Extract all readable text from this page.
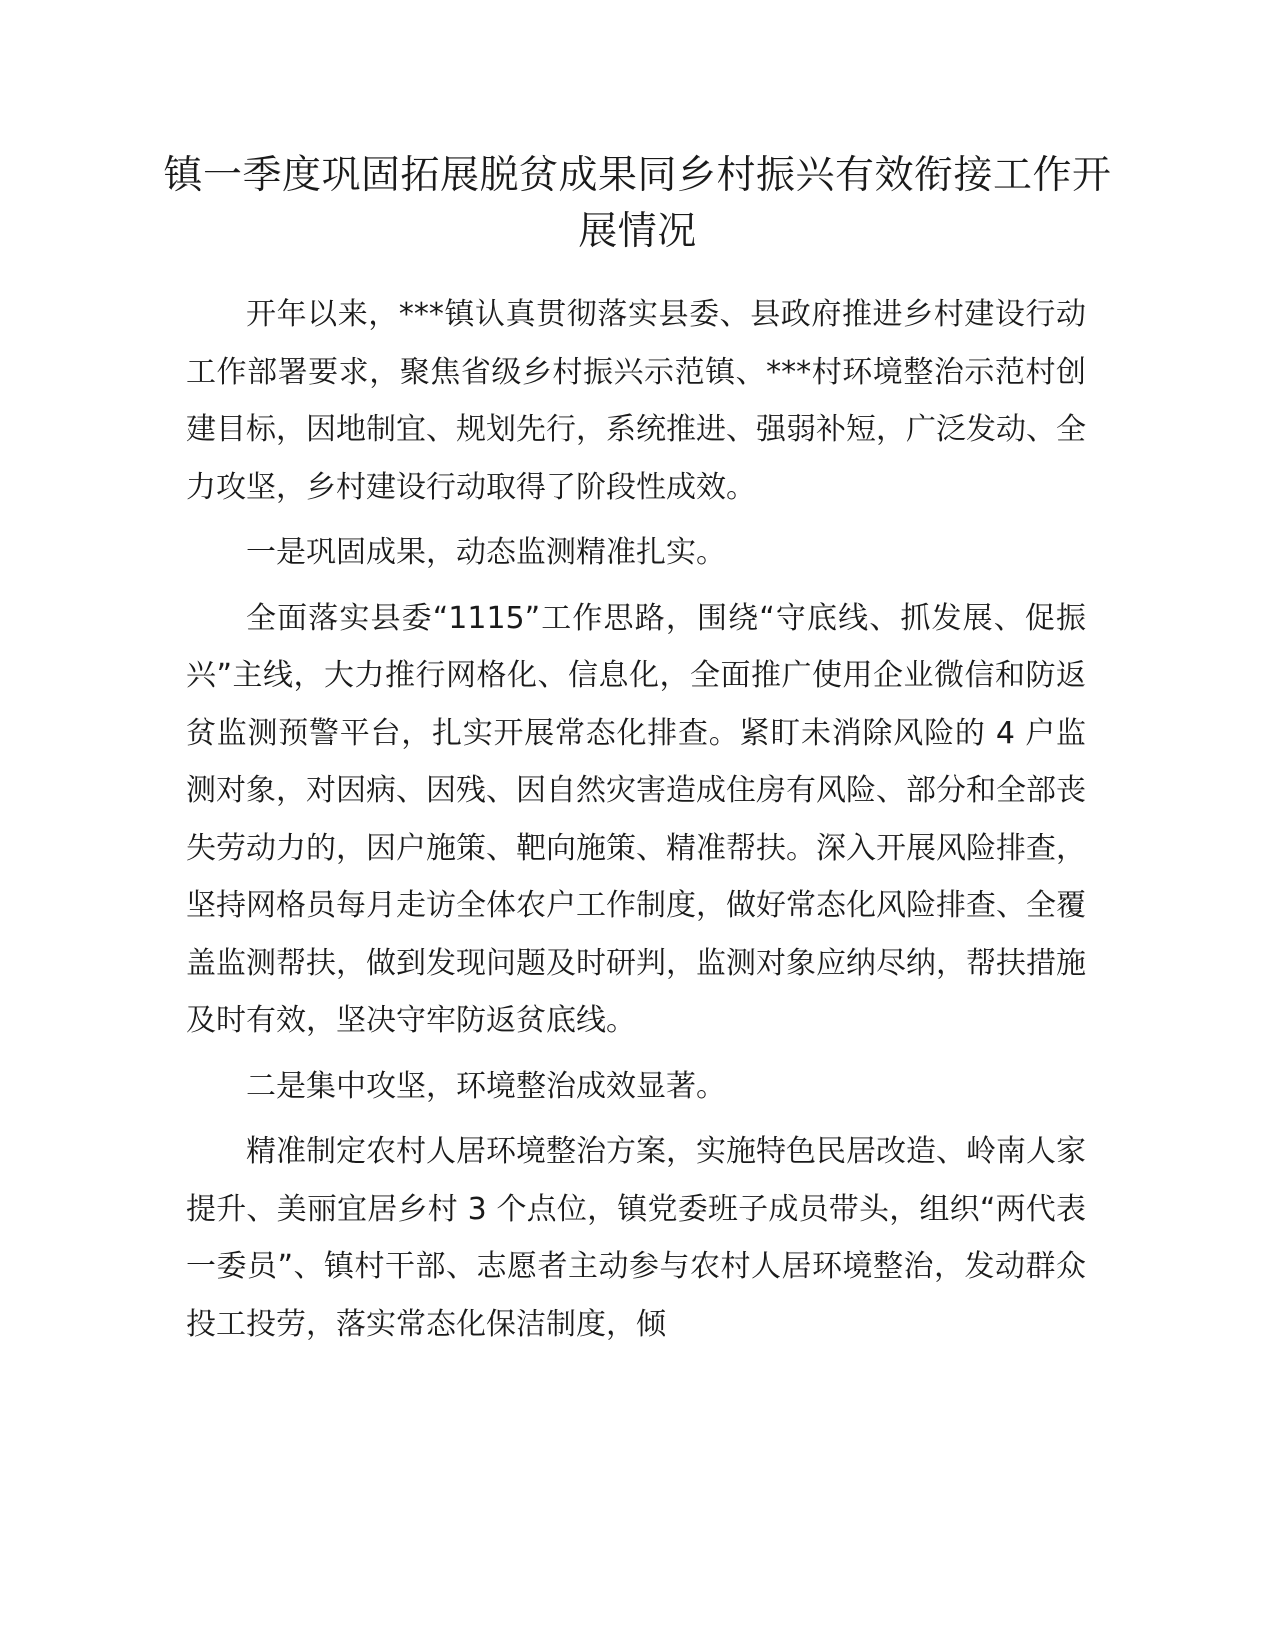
镇一季度巩固拓展脱贫成果同乡村振兴有效衔接工作开展情况

开年以来，***镇认真贯彻落实县委、县政府推进乡村建设行动工作部署要求，聚焦省级乡村振兴示范镇、***村环境整治示范村创建目标，因地制宜、规划先行，系统推进、强弱补短，广泛发动、全力攻坚，乡村建设行动取得了阶段性成效。

一是巩固成果，动态监测精准扎实。

全面落实县委“1115”工作思路，围绕“守底线、抓发展、促振兴”主线，大力推行网格化、信息化，全面推广使用企业微信和防返贫监测预警平台，扎实开展常态化排查。紧盯未消除风险的 4 户监测对象，对因病、因残、因自然灾害造成住房有风险、部分和全部丧失劳动力的，因户施策、靶向施策、精准帮扶。深入开展风险排查，坚持网格员每月走访全体农户工作制度，做好常态化风险排查、全覆盖监测帮扶，做到发现问题及时研判，监测对象应纳尽纳，帮扶措施及时有效，坚决守牢防返贫底线。

二是集中攻坚，环境整治成效显著。

精准制定农村人居环境整治方案，实施特色民居改造、岭南人家提升、美丽宜居乡村 3 个点位，镇党委班子成员带头，组织“两代表一委员”、镇村干部、志愿者主动参与农村人居环境整治，发动群众投工投劳，落实常态化保洁制度，倾
